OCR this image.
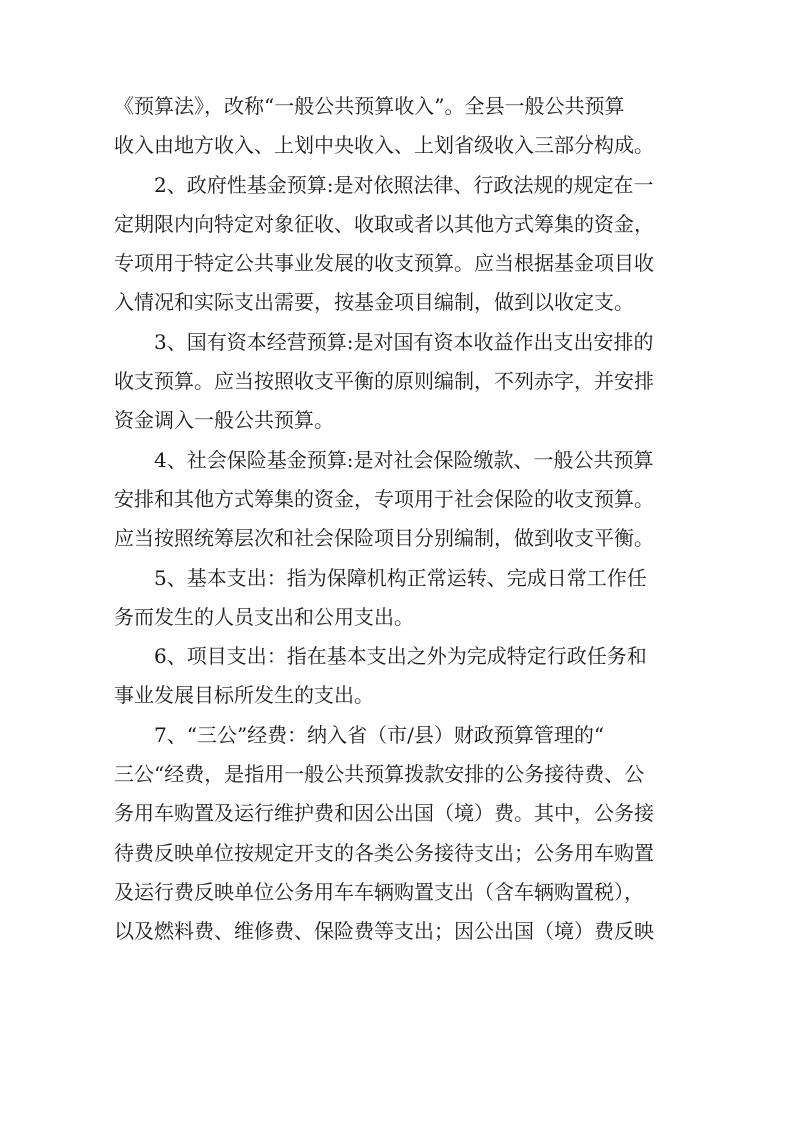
《预算法》，改称“一般公共预算收入”。全县一般公共预算
收入由地方收入、上划中央收入、上划省级收入三部分构成。
2、政府性基金预算:是对依照法律、行政法规的规定在一
定期限内向特定对象征收、收取或者以其他方式筹集的资金，
专项用于特定公共事业发展的收支预算。应当根据基金项目收
入情况和实际支出需要，按基金项目编制，做到以收定支。
3、国有资本经营预算:是对国有资本收益作出支出安排的
收支预算。应当按照收支平衡的原则编制，不列赤字，并安排
资金调入一般公共预算。
4、社会保险基金预算:是对社会保险缴款、一般公共预算
安排和其他方式筹集的资金，专项用于社会保险的收支预算。
应当按照统筹层次和社会保险项目分别编制，做到收支平衡。
5、基本支出：指为保障机构正常运转、完成日常工作任
务而发生的人员支出和公用支出。
6、项目支出：指在基本支出之外为完成特定行政任务和
事业发展目标所发生的支出。
7、“三公”经费：纳入省（市/县）财政预算管理的“
三公“经费，是指用一般公共预算拨款安排的公务接待费、公
务用车购置及运行维护费和因公出国（境）费。其中，公务接
待费反映单位按规定开支的各类公务接待支出；公务用车购置
及运行费反映单位公务用车车辆购置支出（含车辆购置税），
以及燃料费、维修费、保险费等支出；因公出国（境）费反映
